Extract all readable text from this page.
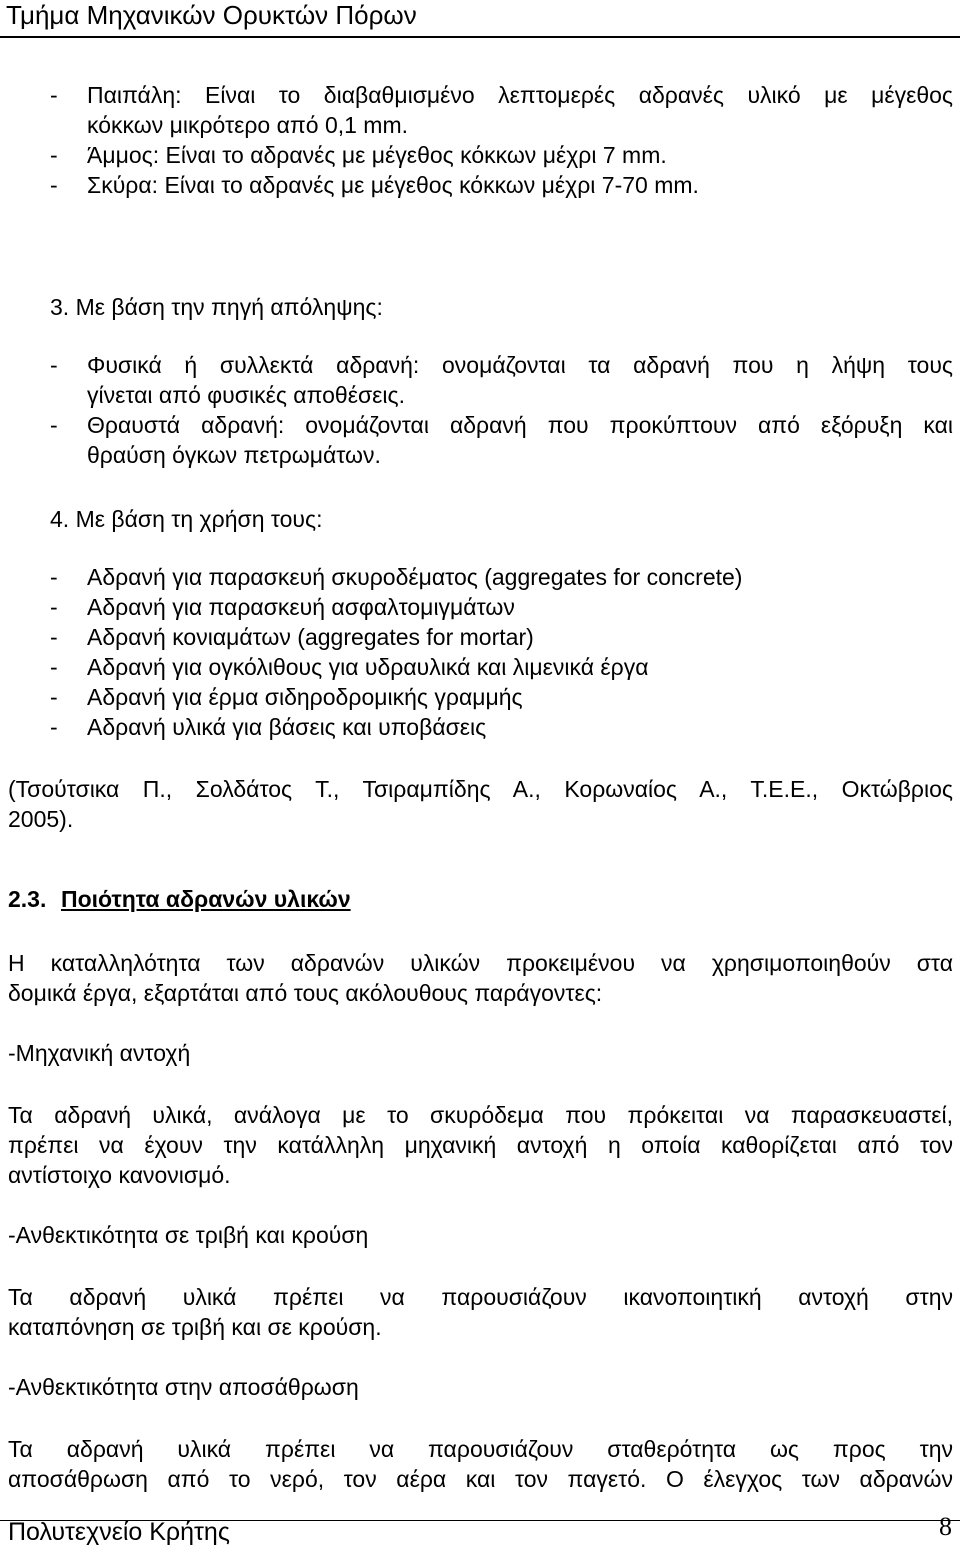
Τμήμα Μηχανικών Ορυκτών Πόρων
- Παιπάλη: Είναι το διαβαθμισμένο λεπτομερές αδρανές υλικό με μέγεθος
κόκκων μικρότερο από 0,1 mm.
- Άμμος: Είναι το αδρανές με μέγεθος κόκκων μέχρι 7 mm.
- Σκύρα: Είναι το αδρανές με μέγεθος κόκκων μέχρι 7-70 mm.
3. Με βάση την πηγή απόληψης:
- Φυσικά ή συλλεκτά αδρανή: ονομάζονται τα αδρανή που η λήψη τους
γίνεται από φυσικές αποθέσεις.
- Θραυστά αδρανή: ονομάζονται αδρανή που προκύπτουν από εξόρυξη και
θραύση όγκων πετρωμάτων.
4. Με βάση τη χρήση τους:
- Αδρανή για παρασκευή σκυροδέματος (aggregates for concrete)
- Αδρανή για παρασκευή ασφαλτομιγμάτων
- Αδρανή κονιαμάτων (aggregates for mortar)
- Αδρανή για ογκόλιθους για υδραυλικά και λιμενικά έργα
- Αδρανή για έρμα σιδηροδρομικής γραμμής
- Αδρανή υλικά για βάσεις και υποβάσεις
(Τσούτσικα Π., Σολδάτος Τ., Τσιραμπίδης Α., Κορωναίος Α., Τ.Ε.Ε., Οκτώβριος
2005).
2.3. Ποιότητα αδρανών υλικών
Η καταλληλότητα των αδρανών υλικών προκειμένου να χρησιμοποιηθούν στα
δομικά έργα, εξαρτάται από τους ακόλουθους παράγοντες:
-Μηχανική αντοχή
Τα αδρανή υλικά, ανάλογα με το σκυρόδεμα που πρόκειται να παρασκευαστεί,
πρέπει να έχουν την κατάλληλη μηχανική αντοχή η οποία καθορίζεται από τον
αντίστοιχο κανονισμό.
-Ανθεκτικότητα σε τριβή και κρούση
Τα αδρανή υλικά πρέπει να παρουσιάζουν ικανοποιητική αντοχή στην
καταπόνηση σε τριβή και σε κρούση.
-Ανθεκτικότητα στην αποσάθρωση
Τα αδρανή υλικά πρέπει να παρουσιάζουν σταθερότητα ως προς την
αποσάθρωση από το νερό, τον αέρα και τον παγετό. Ο έλεγχος των αδρανών
Πολυτεχνείο Κρήτης	8
